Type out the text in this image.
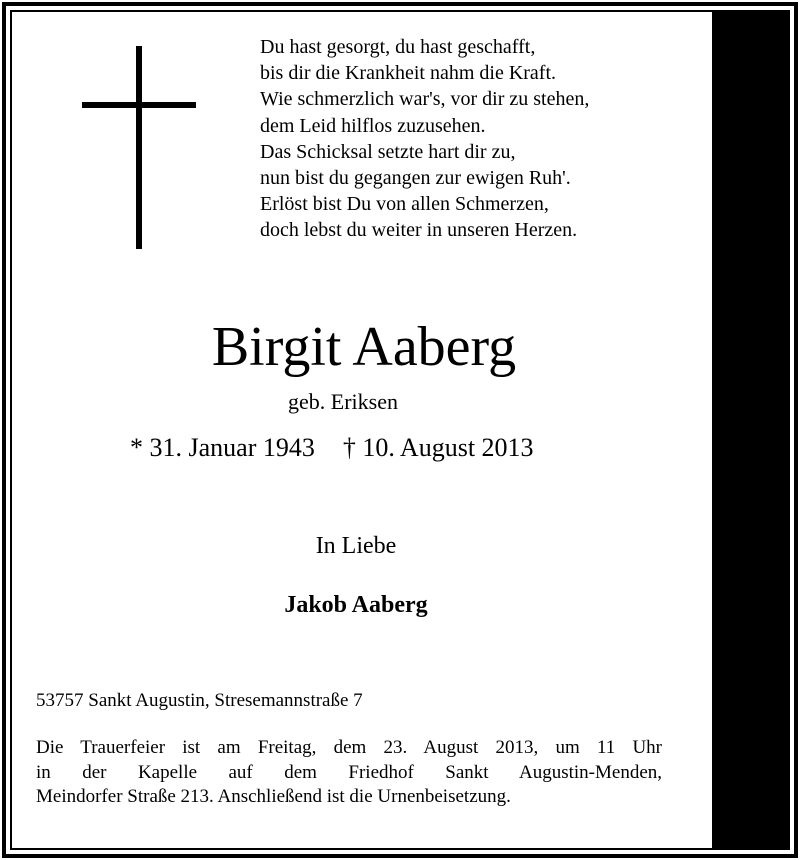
Du hast gesorgt, du hast geschafft,
bis dir die Krankheit nahm die Kraft.
Wie schmerzlich war's, vor dir zu stehen,
dem Leid hilflos zuzusehen.
Das Schicksal setzte hart dir zu,
nun bist du gegangen zur ewigen Ruh'.
Erlöst bist Du von allen Schmerzen,
doch lebst du weiter in unseren Herzen.
Birgit Aaberg
geb. Eriksen
* 31. Januar 1943 † 10. August 2013
In Liebe
Jakob Aaberg
53757 Sankt Augustin, Stresemannstraße 7
Die Trauerfeier ist am Freitag, dem 23. August 2013, um 11 Uhr
in der Kapelle auf dem Friedhof Sankt Augustin-Menden,
Meindorfer Straße 213. Anschließend ist die Urnenbeisetzung.
